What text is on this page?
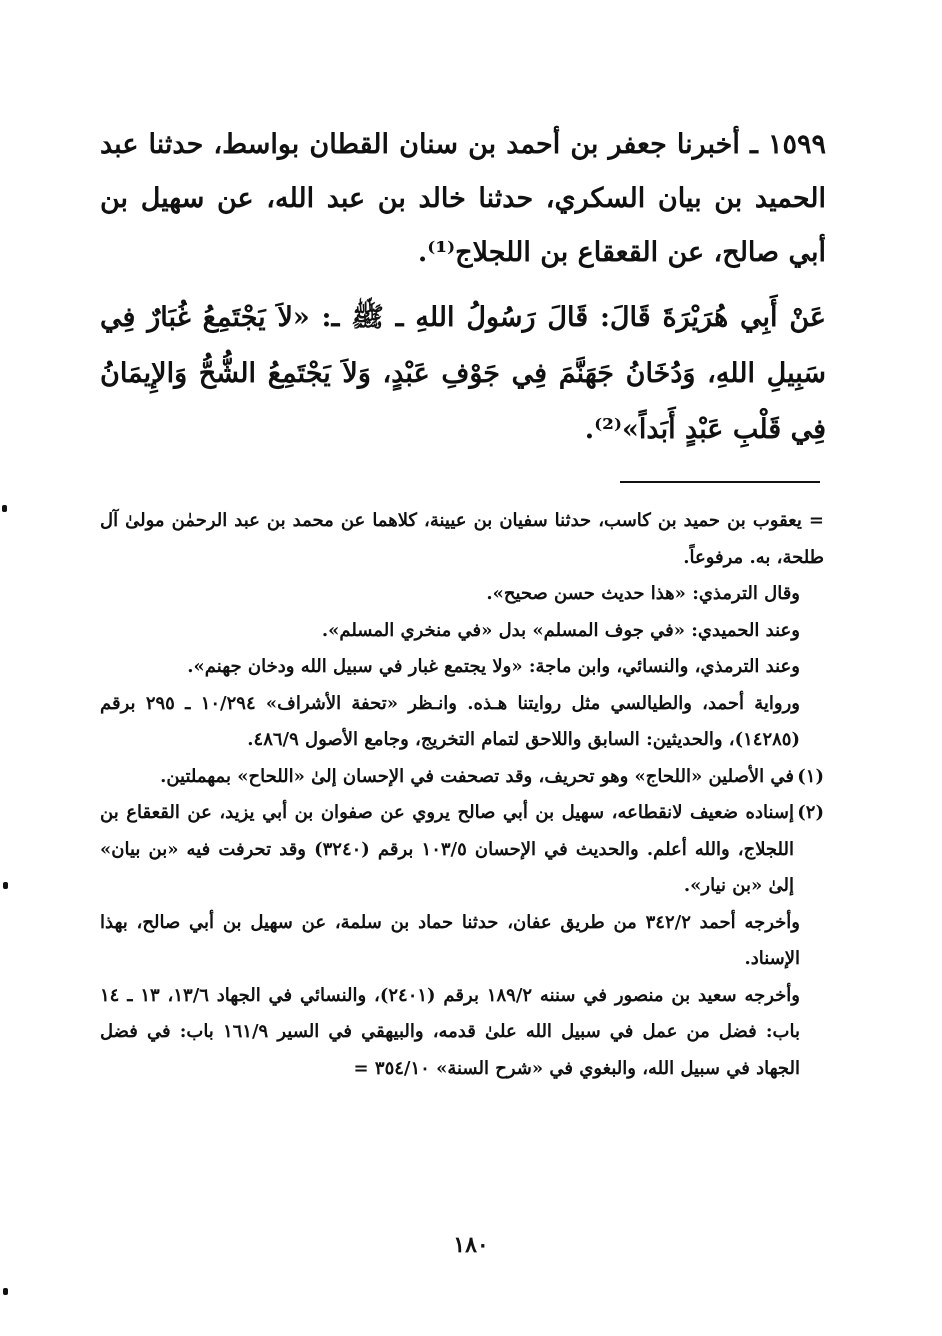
١٥٩٩ ـ أخبرنا جعفر بن أحمد بن سنان القطان بواسط، حدثنا عبد الحميد بن بيان السكري، حدثنا خالد بن عبد الله، عن سهيل بن أبي صالح، عن القعقاع بن اللجلاج⁽¹⁾.

عَنْ أَبِي هُرَيْرَةَ قَالَ: قَالَ رَسُولُ اللهِ ـ ﷺ ـ: «لاَ يَجْتَمِعُ غُبَارٌ فِي سَبِيلِ اللهِ، وَدُخَانُ جَهَنَّمَ فِي جَوْفِ عَبْدٍ، وَلاَ يَجْتَمِعُ الشُّحُّ وَالإِيمَانُ فِي قَلْبِ عَبْدٍ أَبَداً»⁽²⁾.

= يعقوب بن حميد بن كاسب، حدثنا سفيان بن عيينة، كلاهما عن محمد بن عبد الرحمٰن مولىٰ آل طلحة، به. مرفوعاً.

وقال الترمذي: «هذا حديث حسن صحيح».

وعند الحميدي: «في جوف المسلم» بدل «في منخري المسلم».

وعند الترمذي، والنسائي، وابن ماجة: «ولا يجتمع غبار في سبيل الله ودخان جهنم».

ورواية أحمد، والطيالسي مثل روايتنا هـذه. وانـظر «تحفة الأشراف» ١٠/٢٩٤ ـ ٢٩٥ برقم (١٤٢٨٥)، والحديثين: السابق واللاحق لتمام التخريج، وجامع الأصول ٤٨٦/٩.

(١)في الأصلين «اللحاج» وهو تحريف، وقد تصحفت في الإحسان إلىٰ «اللحاح» بمهملتين.

(٢)إسناده ضعيف لانقطاعه، سهيل بن أبي صالح يروي عن صفوان بن أبي يزيد، عن القعقاع بن اللجلاج، والله أعلم. والحديث في الإحسان ١٠٣/٥ برقم (٣٢٤٠) وقد تحرفت فيه «بن بيان» إلىٰ «بن نيار».

وأخرجه أحمد ٣٤٢/٢ من طريق عفان، حدثنا حماد بن سلمة، عن سهيل بن أبي صالح، بهذا الإسناد.

وأخرجه سعيد بن منصور في سننه ١٨٩/٢ برقم (٢٤٠١)، والنسائي في الجهاد ١٣/٦، ١٣ ـ ١٤ باب: فضل من عمل في سبيل الله علىٰ قدمه، والبيهقي في السير ١٦١/٩ باب: في فضل الجهاد في سبيل الله، والبغوي في «شرح السنة» ٣٥٤/١٠ =

١٨٠
